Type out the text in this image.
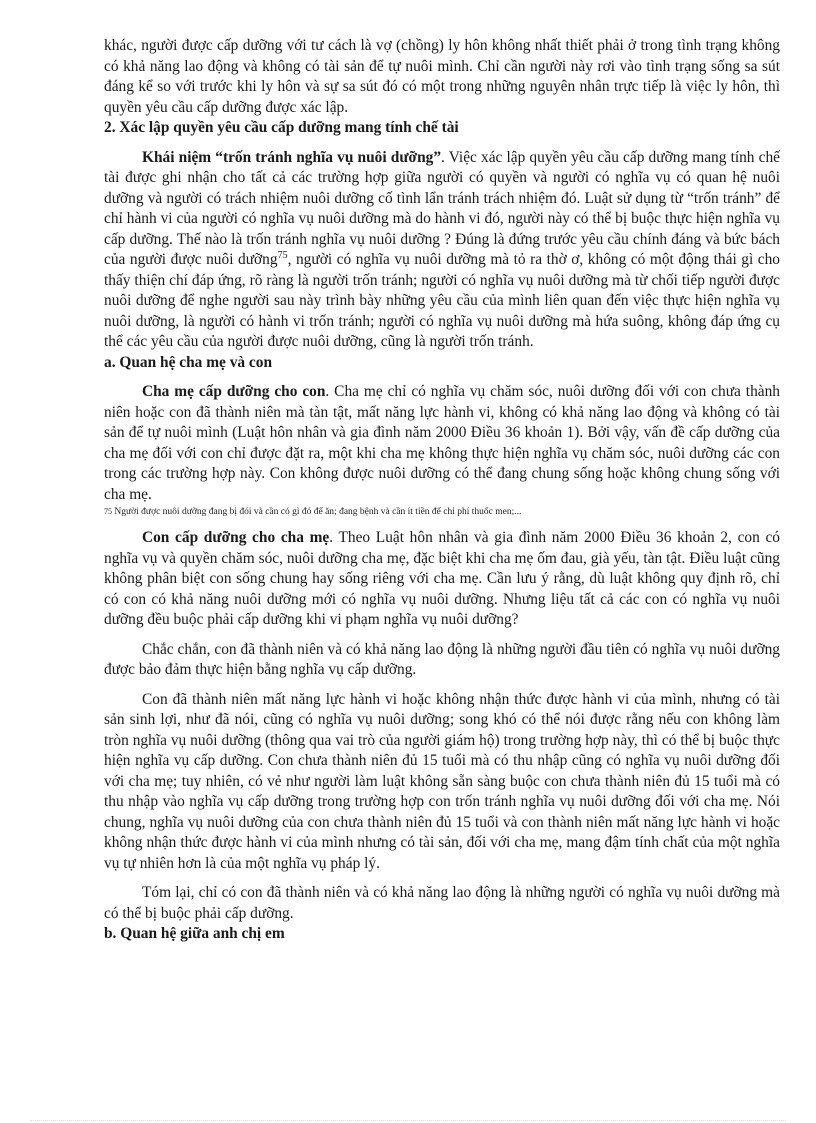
khác, người được cấp dưỡng với tư cách là vợ (chồng) ly hôn không nhất thiết phải ở trong tình trạng không có khả năng lao động và không có tài sản để tự nuôi mình. Chỉ cần người này rơi vào tình trạng sống sa sút đáng kể so với trước khi ly hôn và sự sa sút đó có một trong những nguyên nhân trực tiếp là việc ly hôn, thì quyền yêu cầu cấp dưỡng được xác lập.

2. Xác lập quyền yêu cầu cấp dưỡng mang tính chế tài

Khái niệm “trốn tránh nghĩa vụ nuôi dưỡng”. Việc xác lập quyền yêu cầu cấp dưỡng mang tính chế tài được ghi nhận cho tất cả các trường hợp giữa người có quyền và người có nghĩa vụ có quan hệ nuôi dưỡng và người có trách nhiệm nuôi dưỡng cố tình lẩn tránh trách nhiệm đó. Luật sử dụng từ “trốn tránh” để chỉ hành vi của người có nghĩa vụ nuôi dưỡng mà do hành vi đó, người này có thể bị buộc thực hiện nghĩa vụ cấp dưỡng. Thế nào là trốn tránh nghĩa vụ nuôi dưỡng ? Đúng là đứng trước yêu cầu chính đáng và bức bách của người được nuôi dưỡng$^{75}$, người có nghĩa vụ nuôi dưỡng mà tỏ ra thờ ơ, không có một động thái gì cho thấy thiện chí đáp ứng, rõ ràng là người trốn tránh; người có nghĩa vụ nuôi dưỡng mà từ chối tiếp người được nuôi dưỡng để nghe người sau này trình bày những yêu cầu của mình liên quan đến việc thực hiện nghĩa vụ nuôi dưỡng, là người có hành vi trốn tránh; người có nghĩa vụ nuôi dưỡng mà hứa suông, không đáp ứng cụ thể các yêu cầu của người được nuôi dưỡng, cũng là người trốn tránh.

a. Quan hệ cha mẹ và con

Cha mẹ cấp dưỡng cho con. Cha mẹ chỉ có nghĩa vụ chăm sóc, nuôi dưỡng đối với con chưa thành niên hoặc con đã thành niên mà tàn tật, mất năng lực hành vi, không có khả năng lao động và không có tài sản để tự nuôi mình (Luật hôn nhân và gia đình năm 2000 Điều 36 khoản 1). Bởi vậy, vấn đề cấp dưỡng của cha mẹ đối với con chỉ được đặt ra, một khi cha mẹ không thực hiện nghĩa vụ chăm sóc, nuôi dưỡng các con trong các trường hợp này. Con không được nuôi dưỡng có thể đang chung sống hoặc không chung sống với cha mẹ.

75 Người được nuôi dưỡng đang bị đói và cần có gì đó để ăn; đang bệnh và cần ít tiền để chi phí thuốc men;...

Con cấp dưỡng cho cha mẹ. Theo Luật hôn nhân và gia đình năm 2000 Điều 36 khoản 2, con có nghĩa vụ và quyền chăm sóc, nuôi dưỡng cha mẹ, đặc biệt khi cha mẹ ốm đau, già yếu, tàn tật. Điều luật cũng không phân biệt con sống chung hay sống riêng với cha mẹ. Cần lưu ý rằng, dù luật không quy định rõ, chỉ có con có khả năng nuôi dưỡng mới có nghĩa vụ nuôi dưỡng. Nhưng liệu tất cả các con có nghĩa vụ nuôi dưỡng đều buộc phải cấp dưỡng khi vi phạm nghĩa vụ nuôi dưỡng?

Chắc chắn, con đã thành niên và có khả năng lao động là những người đầu tiên có nghĩa vụ nuôi dưỡng được bảo đảm thực hiện bằng nghĩa vụ cấp dưỡng.

Con đã thành niên mất năng lực hành vi hoặc không nhận thức được hành vi của mình, nhưng có tài sản sinh lợi, như đã nói, cũng có nghĩa vụ nuôi dưỡng; song khó có thể nói được rằng nếu con không làm tròn nghĩa vụ nuôi dưỡng (thông qua vai trò của người giám hộ) trong trường hợp này, thì có thể bị buộc thực hiện nghĩa vụ cấp dưỡng. Con chưa thành niên đủ 15 tuổi mà có thu nhập cũng có nghĩa vụ nuôi dưỡng đối với cha mẹ; tuy nhiên, có vẻ như người làm luật không sẵn sàng buộc con chưa thành niên đủ 15 tuổi mà có thu nhập vào nghĩa vụ cấp dưỡng trong trường hợp con trốn tránh nghĩa vụ nuôi dưỡng đối với cha mẹ. Nói chung, nghĩa vụ nuôi dưỡng của con chưa thành niên đủ 15 tuổi và con thành niên mất năng lực hành vi hoặc không nhận thức được hành vi của mình nhưng có tài sản, đối với cha mẹ, mang đậm tính chất của một nghĩa vụ tự nhiên hơn là của một nghĩa vụ pháp lý.

Tóm lại, chỉ có con đã thành niên và có khả năng lao động là những người có nghĩa vụ nuôi dưỡng mà có thể bị buộc phải cấp dưỡng.

b. Quan hệ giữa anh chị em
